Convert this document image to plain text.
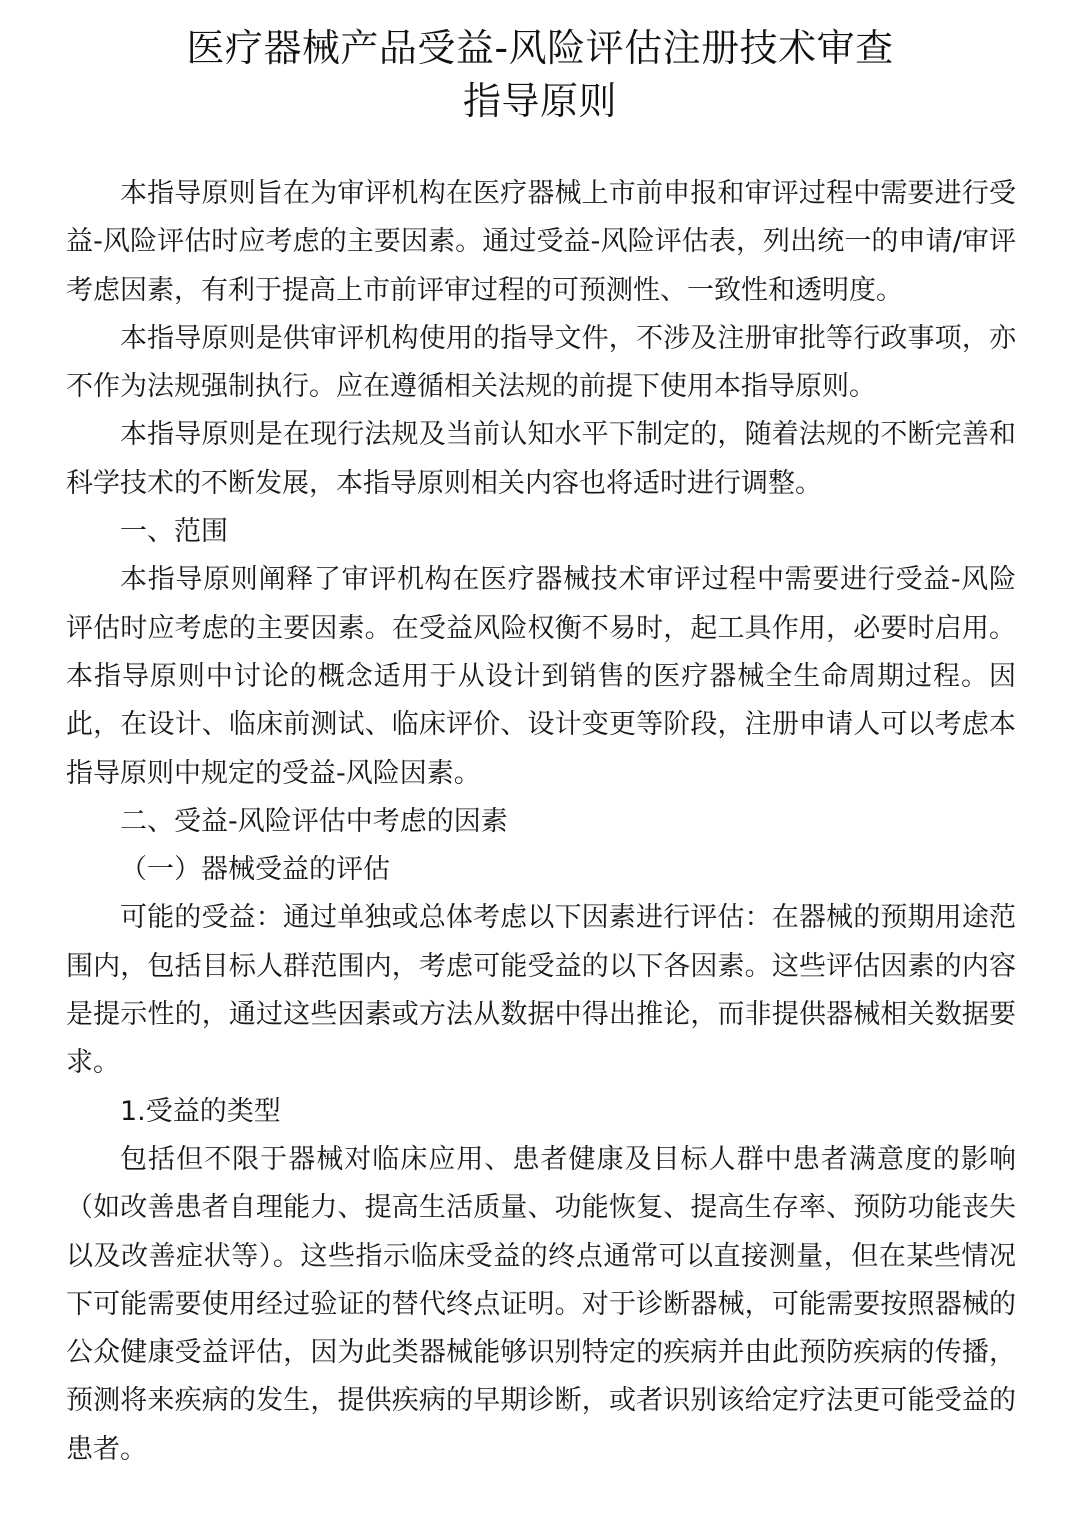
医疗器械产品受益-风险评估注册技术审查
指导原则

本指导原则旨在为审评机构在医疗器械上市前申报和审评过程中需要进行受益-风险评估时应考虑的主要因素。通过受益-风险评估表，列出统一的申请/审评考虑因素，有利于提高上市前评审过程的可预测性、一致性和透明度。

本指导原则是供审评机构使用的指导文件，不涉及注册审批等行政事项，亦不作为法规强制执行。应在遵循相关法规的前提下使用本指导原则。

本指导原则是在现行法规及当前认知水平下制定的，随着法规的不断完善和科学技术的不断发展，本指导原则相关内容也将适时进行调整。

一、范围

本指导原则阐释了审评机构在医疗器械技术审评过程中需要进行受益-风险评估时应考虑的主要因素。在受益风险权衡不易时，起工具作用，必要时启用。本指导原则中讨论的概念适用于从设计到销售的医疗器械全生命周期过程。因此，在设计、临床前测试、临床评价、设计变更等阶段，注册申请人可以考虑本指导原则中规定的受益-风险因素。

二、受益-风险评估中考虑的因素

（一）器械受益的评估

可能的受益：通过单独或总体考虑以下因素进行评估：在器械的预期用途范围内，包括目标人群范围内，考虑可能受益的以下各因素。这些评估因素的内容是提示性的，通过这些因素或方法从数据中得出推论，而非提供器械相关数据要求。

1.受益的类型

包括但不限于器械对临床应用、患者健康及目标人群中患者满意度的影响（如改善患者自理能力、提高生活质量、功能恢复、提高生存率、预防功能丧失以及改善症状等）。这些指示临床受益的终点通常可以直接测量，但在某些情况下可能需要使用经过验证的替代终点证明。对于诊断器械，可能需要按照器械的公众健康受益评估，因为此类器械能够识别特定的疾病并由此预防疾病的传播，预测将来疾病的发生，提供疾病的早期诊断，或者识别该给定疗法更可能受益的患者。
